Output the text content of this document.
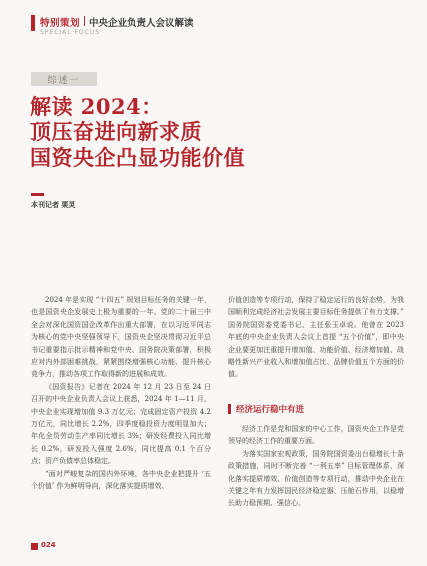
特别策划 中央企业负责人会议解读
SPECIAL FOCUS
综述一
解读 2024：
顶压奋进向新求质
国资央企凸显功能价值
本刊记者 栗灵

2024 年是实现 “十四五” 规划目标任务的关键一年，也是国资央企发展史上极为重要的一年。党的二十届三中全会对深化国资国企改革作出重大部署，在以习近平同志为核心的党中央坚强领导下，国资央企坚决贯彻习近平总书记重要指示批示精神和党中央、国务院决策部署，积极应对内外部困难挑战，紧紧围绕增强核心功能、提升核心竞争力，推动各项工作取得新的进展和成效。

《国资报告》记者在 2024 年 12 月 23 日至 24 日召开的中央企业负责人会议上获悉，2024 年 1—11 月，中央企业实现增加值 9.3 万亿元；完成固定资产投资 4.2 万亿元，同比增长 2.2%，四季度稳投资力度明显加大；年化全员劳动生产率同比增长 3%；研发经费投入同比增长 0.2%，研发投入强度 2.6%，同比提高 0.1 个百分点；资产负债率总体稳定。

“面对严峻复杂的国内外环境，各中央企业把提升 ‘五个价值’ 作为鲜明导向，深化落实提质增效、

价值创造等专项行动，保持了稳定运行的良好态势，为我国顺利完成经济社会发展主要目标任务提供了有力支撑。” 国务院国资委党委书记、主任张玉卓说。他曾在 2023 年底的中央企业负责人会议上首提 “五个价值”，即中央企业要更加注重提升增加值、功能价值、经济增加值、战略性新兴产业收入和增加值占比、品牌价值五个方面的价值。

经济运行稳中有进

经济工作是党和国家的中心工作，国资央企工作是党领导的经济工作的重要方面。

为落实国家宏观政策，国务院国资委出台稳增长十条政策措施，同时不断完善 “一利五率” 目标管理体系，深化落实提质增效、价值创造等专项行动，推动中央企业在关键之年有力发挥国民经济稳定器、压舱石作用，以稳增长助力稳预期、强信心。

024
